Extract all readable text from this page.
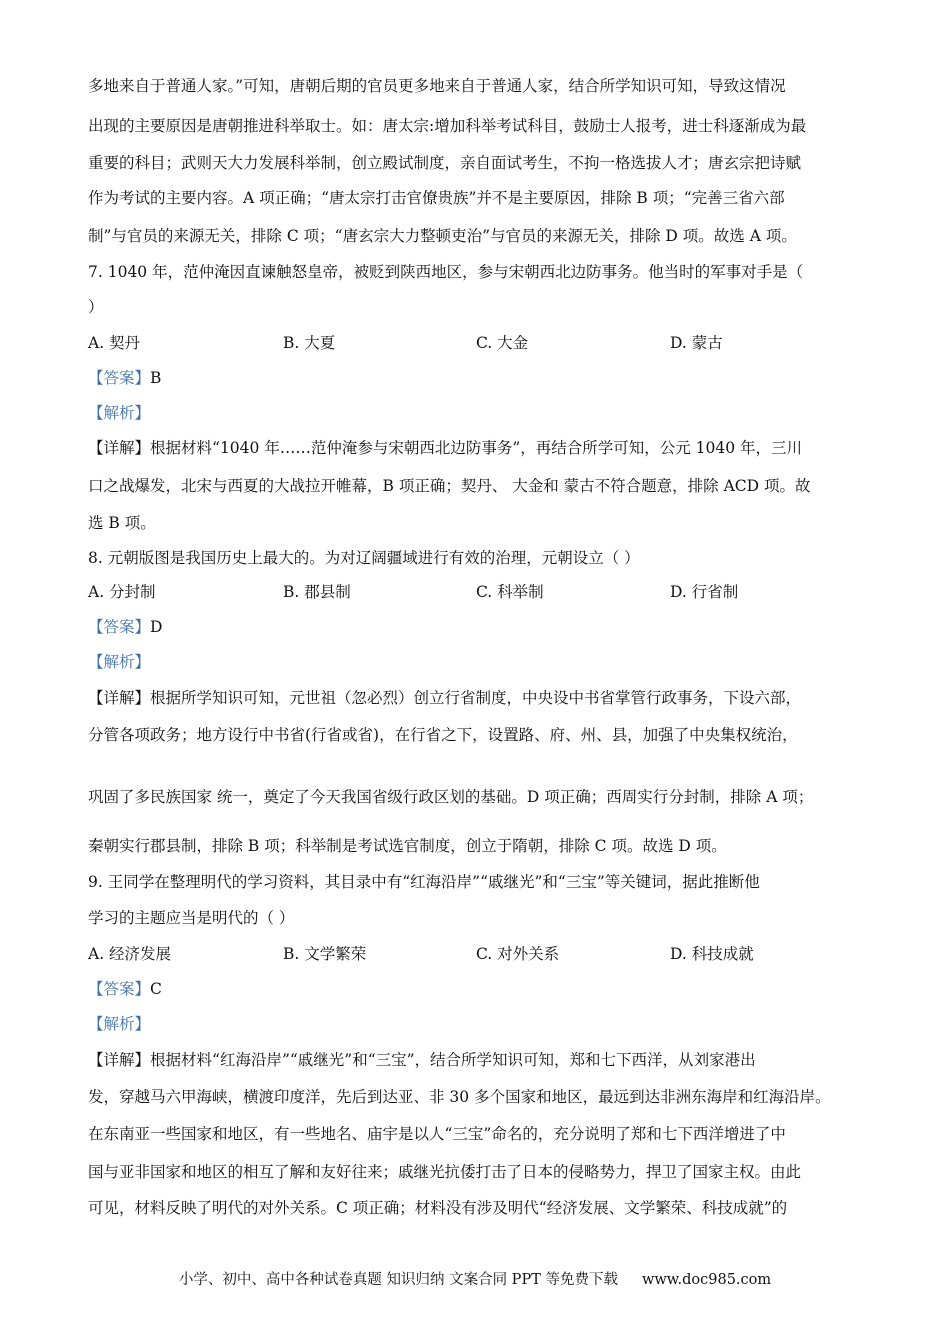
多地来自于普通人家。”可知，唐朝后期的官员更多地来自于普通人家，结合所学知识可知，导致这情况
出现的主要原因是唐朝推进科举取士。如：唐太宗:增加科举考试科目，鼓励士人报考，进士科逐渐成为最
重要的科目；武则天大力发展科举制，创立殿试制度，亲自面试考生，不拘一格选拔人才；唐玄宗把诗赋
作为考试的主要内容。A 项正确；“唐太宗打击官僚贵族”并不是主要原因，排除 B 项；“完善三省六部
制”与官员的来源无关，排除 C 项；“唐玄宗大力整顿吏治”与官员的来源无关，排除 D 项。故选 A 项。
7. 1040 年，范仲淹因直谏触怒皇帝，被贬到陕西地区，参与宋朝西北边防事务。他当时的军事对手是（
）
A. 契丹	B. 大夏	C. 大金	D. 蒙古
【答案】B
【解析】
【详解】根据材料“1040 年……范仲淹参与宋朝西北边防事务”，再结合所学可知，公元 1040 年，三川
口之战爆发，北宋与西夏的大战拉开帷幕，B 项正确；契丹、 大金和 蒙古不符合题意，排除 ACD 项。故
选 B 项。
8. 元朝版图是我国历史上最大的。为对辽阔疆域进行有效的治理，元朝设立（ ）
A. 分封制	B. 郡县制	C. 科举制	D. 行省制
【答案】D
【解析】
【详解】根据所学知识可知，元世祖（忽必烈）创立行省制度，中央设中书省掌管行政事务，下设六部，
分管各项政务；地方设行中书省(行省或省)，在行省之下，设置路、府、州、县，加强了中央集权统治，
巩固了多民族国家 统一，奠定了今天我国省级行政区划的基础。D 项正确；西周实行分封制，排除 A 项；
秦朝实行郡县制，排除 B 项；科举制是考试选官制度，创立于隋朝，排除 C 项。故选 D 项。
9. 王同学在整理明代的学习资料，其目录中有“红海沿岸”“戚继光”和“三宝”等关键词，据此推断他
学习的主题应当是明代的（ ）
A. 经济发展	B. 文学繁荣	C. 对外关系	D. 科技成就
【答案】C
【解析】
【详解】根据材料“红海沿岸”“戚继光”和“三宝”，结合所学知识可知，郑和七下西洋，从刘家港出
发，穿越马六甲海峡，横渡印度洋，先后到达亚、非 30 多个国家和地区，最远到达非洲东海岸和红海沿岸。
在东南亚一些国家和地区，有一些地名、庙宇是以人“三宝”命名的，充分说明了郑和七下西洋增进了中
国与亚非国家和地区的相互了解和友好往来；戚继光抗倭打击了日本的侵略势力，捍卫了国家主权。由此
可见，材料反映了明代的对外关系。C 项正确；材料没有涉及明代“经济发展、文学繁荣、科技成就”的
小学、初中、高中各种试卷真题 知识归纳 文案合同 PPT 等免费下载 www.doc985.com
